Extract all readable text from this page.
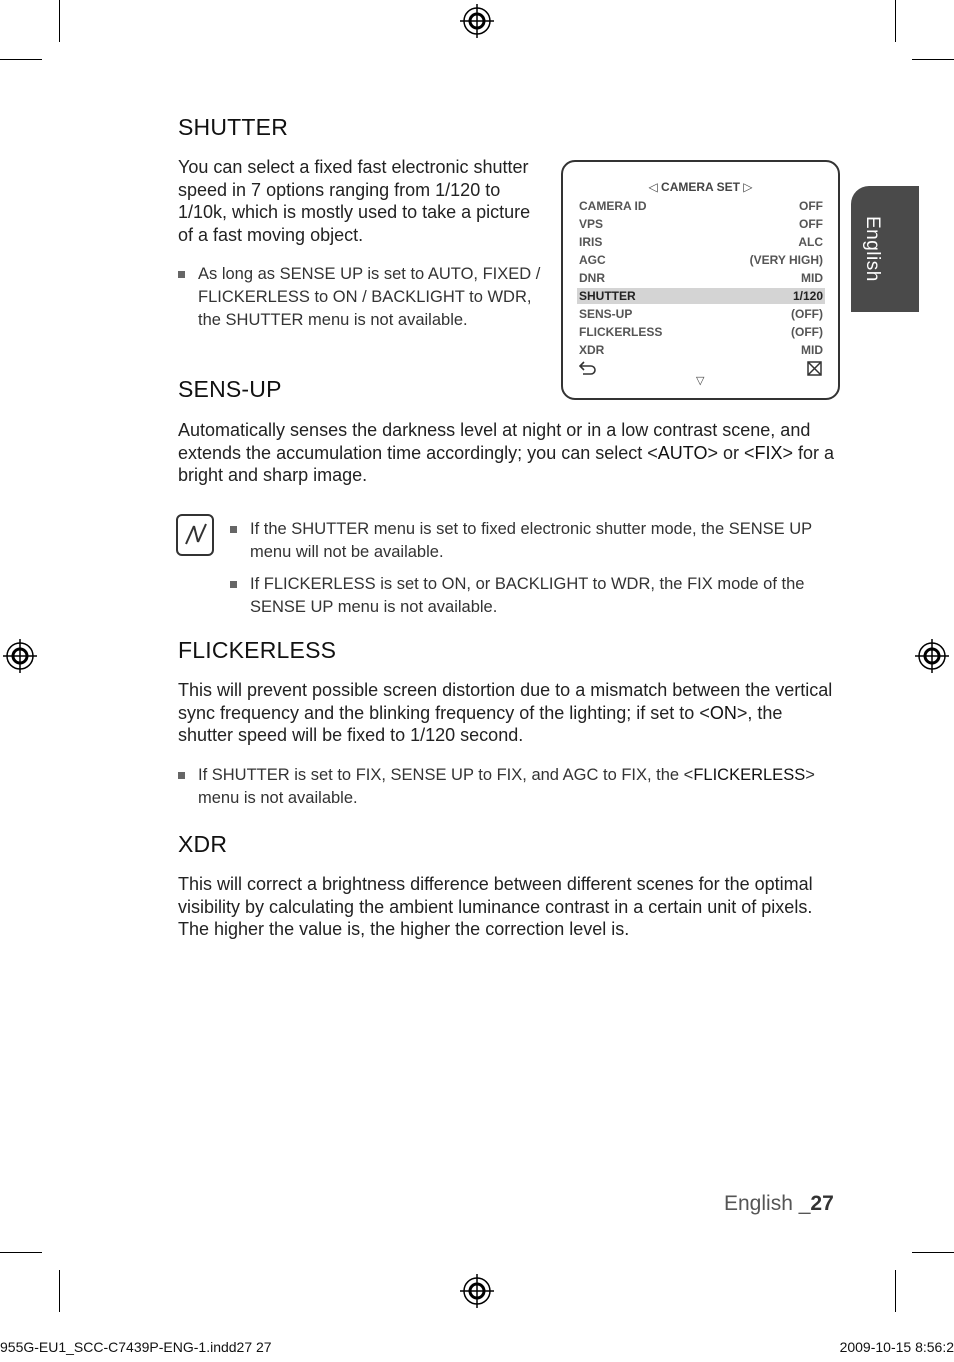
English
SHUTTER

You can select a fixed fast electronic shutter speed in 7 options ranging from 1/120 to 1/10k, which is mostly used to take a picture of a fast moving object.

As long as SENSE UP is set to AUTO, FIXED / FLICKERLESS to ON / BACKLIGHT to WDR, the SHUTTER menu is not available.
◁ CAMERA SET ▷
CAMERA ID	OFF
VPS	OFF
IRIS	ALC
AGC	(VERY HIGH)
DNR	MID
SHUTTER	1/120
SENS-UP	(OFF)
FLICKERLESS	(OFF)
XDR	MID
▽
SENS-UP

Automatically senses the darkness level at night or in a low contrast scene, and extends the accumulation time accordingly; you can select <AUTO> or <FIX> for a bright and sharp image.

If the SHUTTER menu is set to fixed electronic shutter mode, the SENSE UP menu will not be available.
If FLICKERLESS is set to ON, or BACKLIGHT to WDR, the FIX mode of the SENSE UP menu is not available.
FLICKERLESS

This will prevent possible screen distortion due to a mismatch between the vertical sync frequency and the blinking frequency of the lighting; if set to <ON>, the shutter speed will be fixed to 1/120 second.

If SHUTTER is set to FIX, SENSE UP to FIX, and AGC to FIX, the <FLICKERLESS> menu is not available.
XDR

This will correct a brightness difference between different scenes for the optimal visibility by calculating the ambient luminance contrast in a certain unit of pixels. The higher the value is, the higher the correction level is.

English _27
955G-EU1_SCC-C7439P-ENG-1.indd27 27	2009-10-15 8:56:2
